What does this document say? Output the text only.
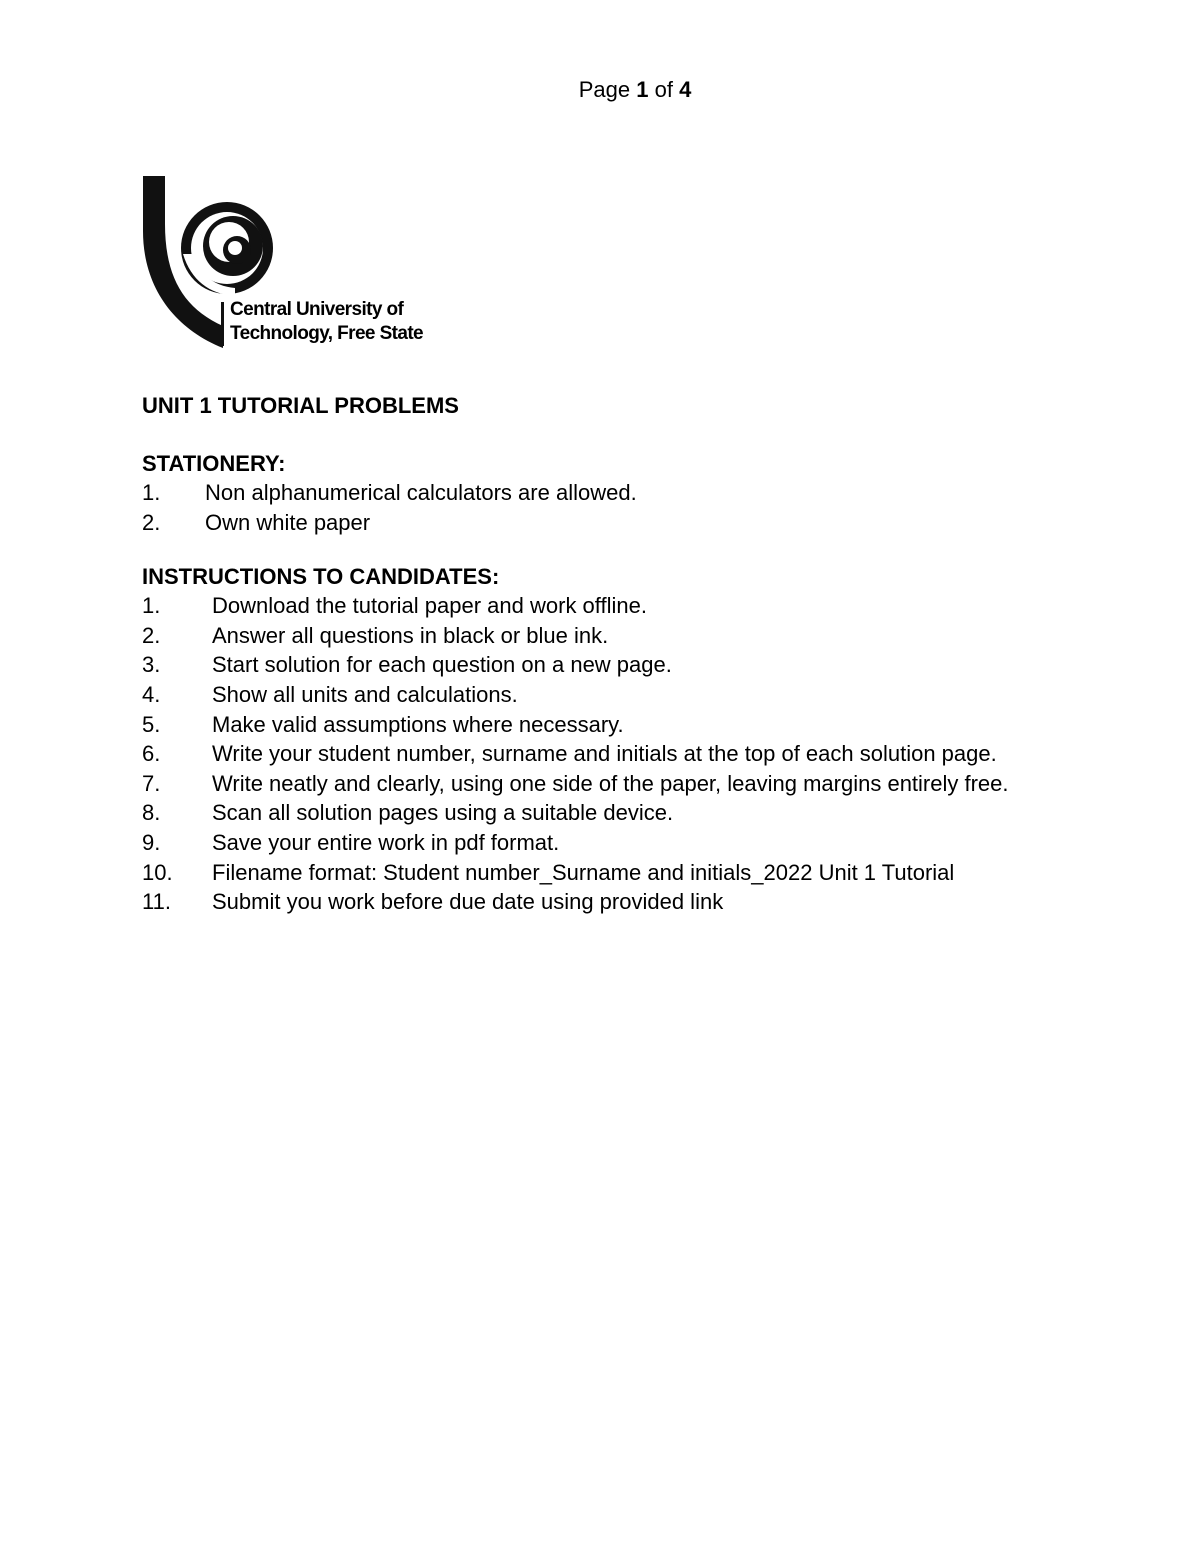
Page 1 of 4
Central University of
Technology, Free State

UNIT 1 TUTORIAL PROBLEMS

STATIONERY:

1.	Non alphanumerical calculators are allowed.
2.	Own white paper

INSTRUCTIONS TO CANDIDATES:

1.	Download the tutorial paper and work offline.
2.	Answer all questions in black or blue ink.
3.	Start solution for each question on a new page.
4.	Show all units and calculations.
5.	Make valid assumptions where necessary.
6.	Write your student number, surname and initials at the top of each solution page.
7.	Write neatly and clearly, using one side of the paper, leaving margins entirely free.
8.	Scan all solution pages using a suitable device.
9.	Save your entire work in pdf format.
10.	Filename format: Student number_Surname and initials_2022 Unit 1 Tutorial
11.	Submit you work before due date using provided link
